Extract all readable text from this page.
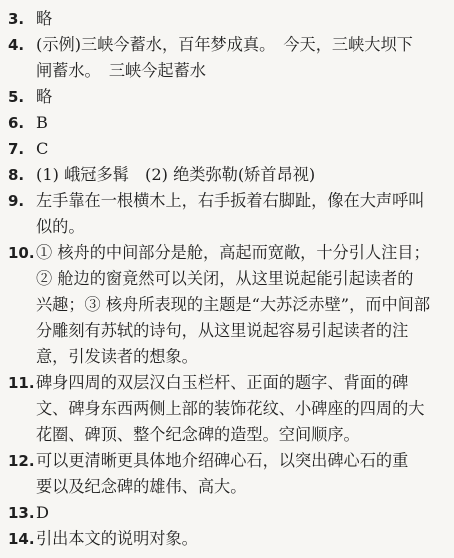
3. 略
4. (示例)三峡今蓄水，百年梦成真。　今天，三峡大坝下
闸蓄水。　三峡今起蓄水
5. 略
6. B
7. C
8. (1) 峨冠多髯　(2) 绝类弥勒(矫首昂视)
9. 左手靠在一根横木上，右手扳着右脚趾，像在大声呼叫
似的。
10. ① 核舟的中间部分是舱，高起而宽敞，十分引人注目；
② 舱边的窗竟然可以关闭，从这里说起能引起读者的
兴趣；③ 核舟所表现的主题是“大苏泛赤壁”，而中间部
分雕刻有苏轼的诗句，从这里说起容易引起读者的注
意，引发读者的想象。
11. 碑身四周的双层汉白玉栏杆、正面的题字、背面的碑
文、碑身东西两侧上部的装饰花纹、小碑座的四周的大
花圈、碑顶、整个纪念碑的造型。空间顺序。
12. 可以更清晰更具体地介绍碑心石，以突出碑心石的重
要以及纪念碑的雄伟、高大。
13. D
14. 引出本文的说明对象。
